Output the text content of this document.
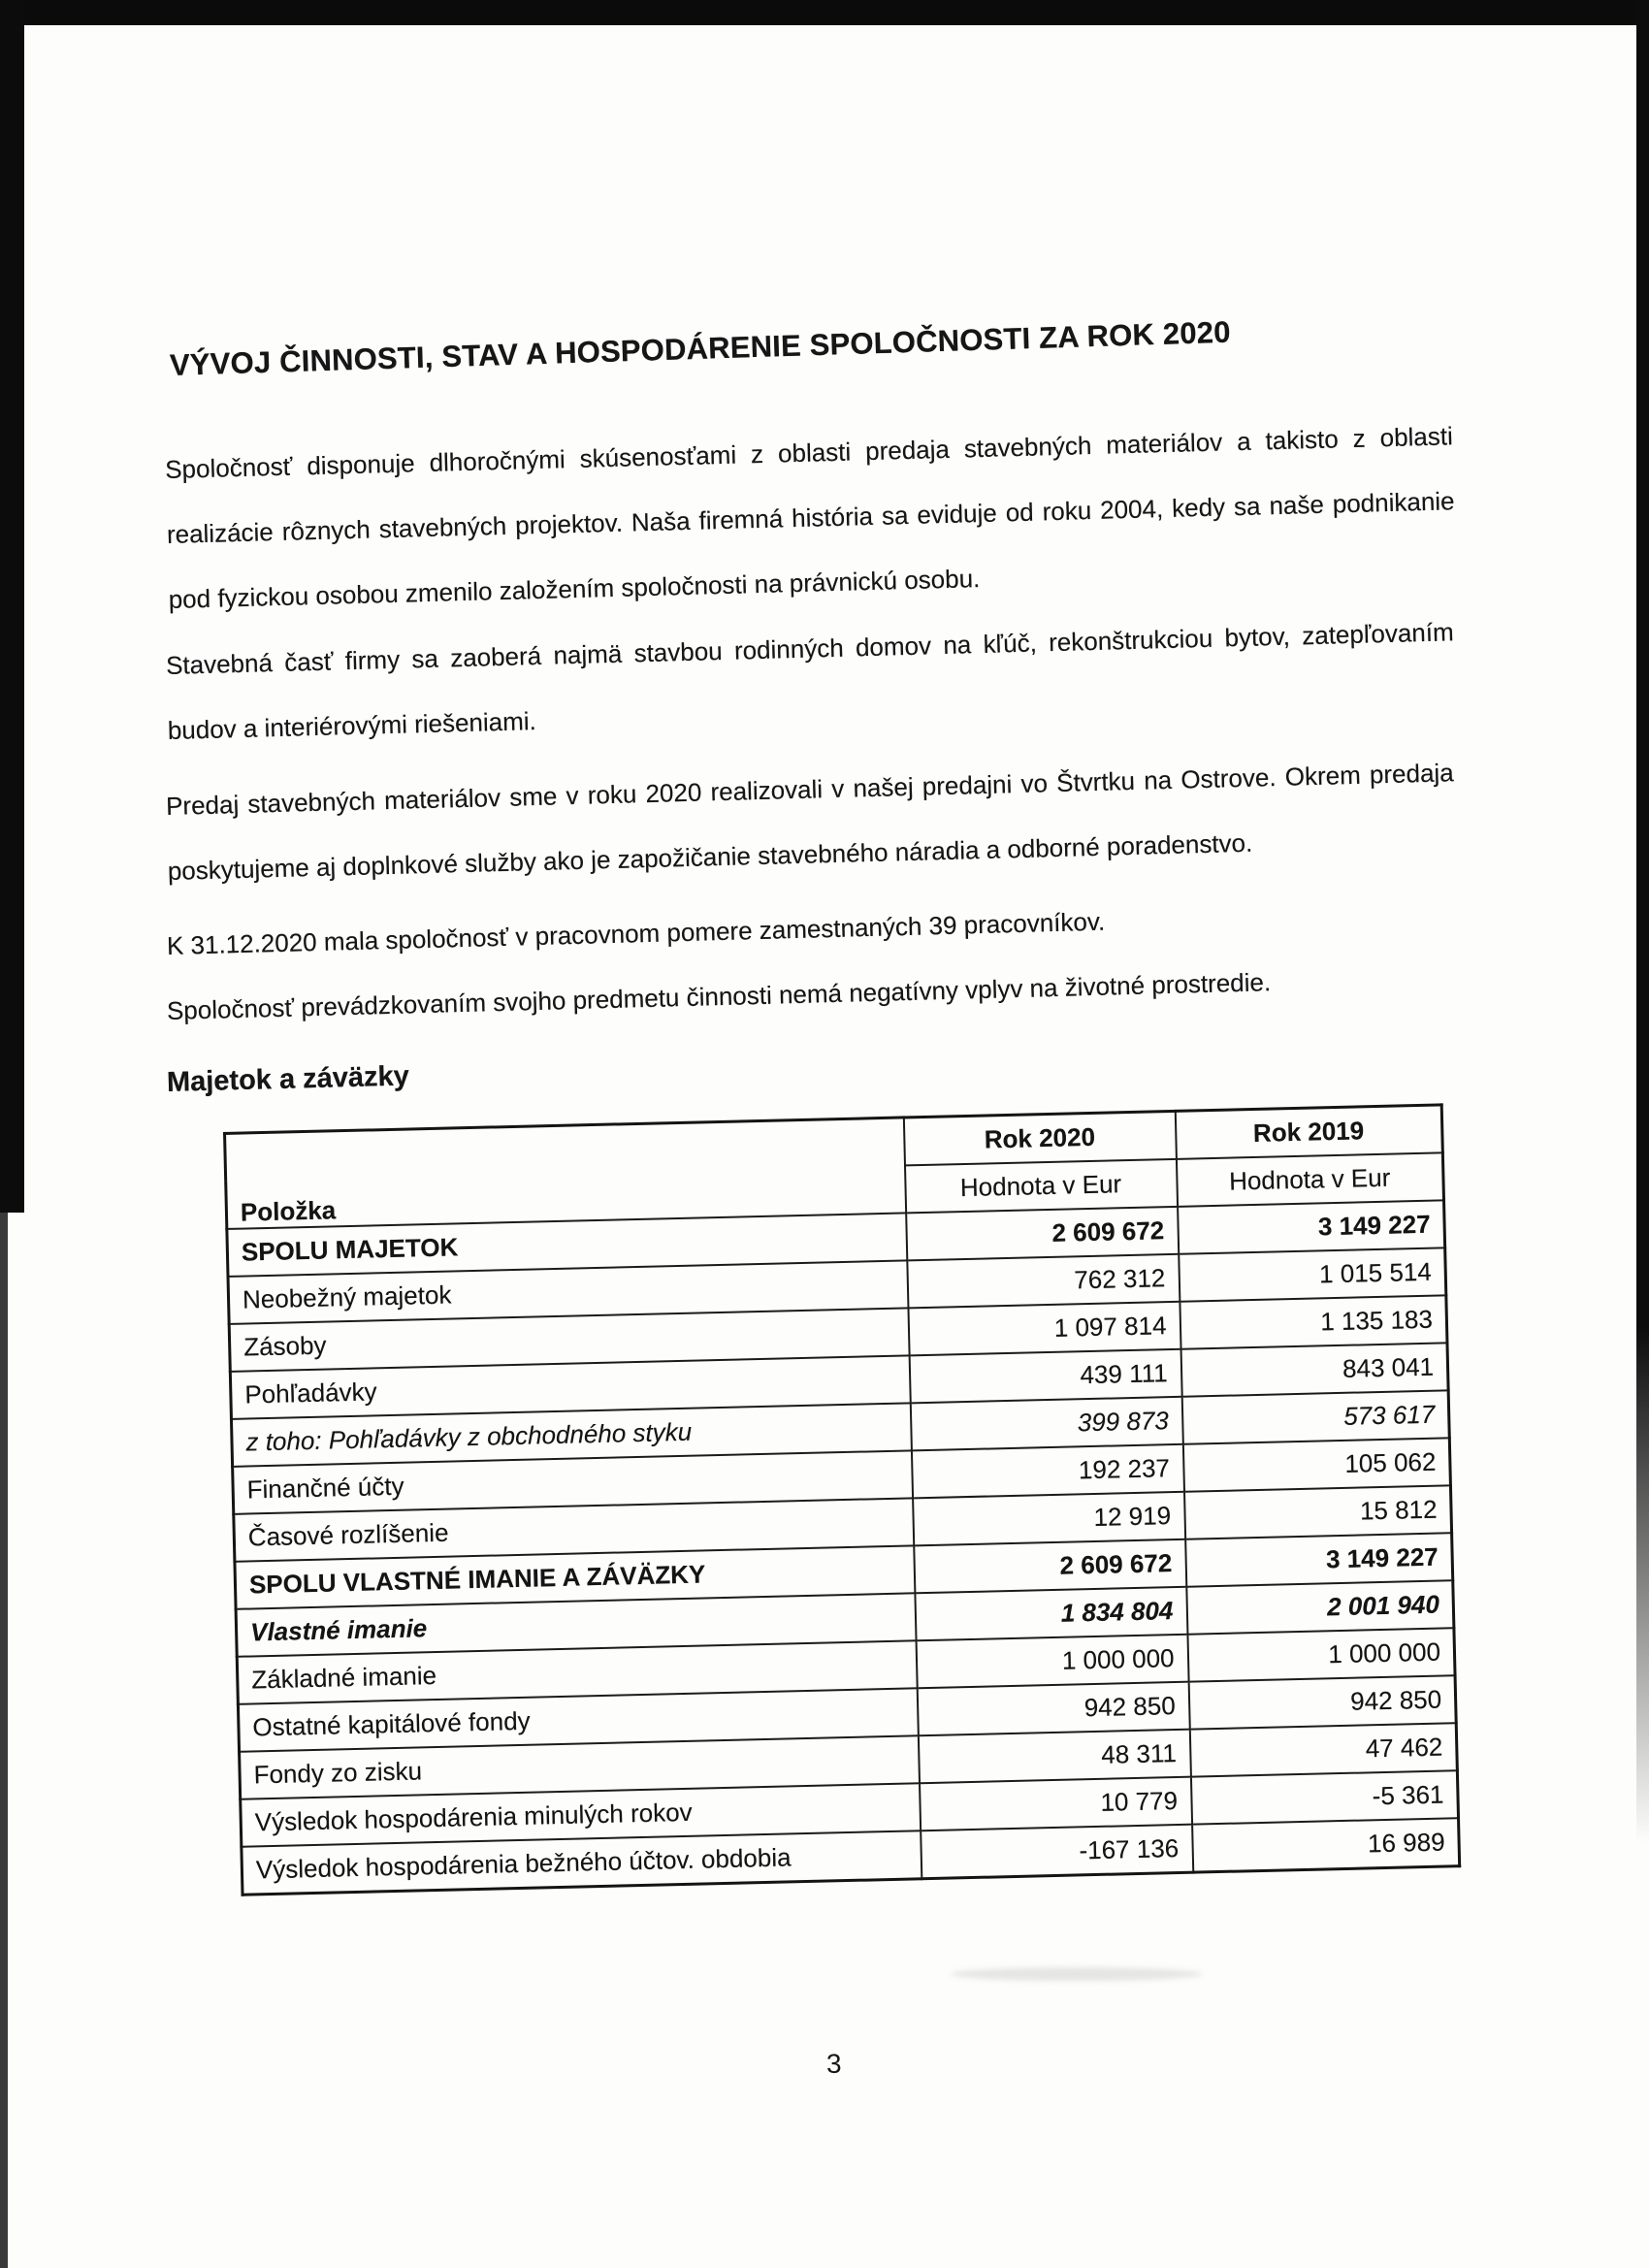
VÝVOJ ČINNOSTI, STAV A HOSPODÁRENIE SPOLOČNOSTI ZA ROK 2020

Spoločnosť disponuje dlhoročnými skúsenosťami z oblasti predaja stavebných materiálov a takisto z oblasti realizácie rôznych stavebných projektov. Naša firemná história sa eviduje od roku 2004, kedy sa naše podnikanie pod fyzickou osobou zmenilo založením spoločnosti na právnickú osobu.

Stavebná časť firmy sa zaoberá najmä stavbou rodinných domov na kľúč, rekonštrukciou bytov, zatepľovaním budov a interiérovými riešeniami.

Predaj stavebných materiálov sme v roku 2020 realizovali v našej predajni vo Štvrtku na Ostrove. Okrem predaja poskytujeme aj doplnkové služby ako je zapožičanie stavebného náradia a odborné poradenstvo.

K 31.12.2020 mala spoločnosť v pracovnom pomere zamestnaných 39 pracovníkov.

Spoločnosť prevádzkovaním svojho predmetu činnosti nemá negatívny vplyv na životné prostredie.

Majetok a záväzky
Položka	Rok 2020	Rok 2019
	Hodnota v Eur	Hodnota v Eur
SPOLU MAJETOK	2 609 672	3 149 227
Neobežný majetok	762 312	1 015 514
Zásoby	1 097 814	1 135 183
Pohľadávky	439 111	843 041
z toho: Pohľadávky z obchodného styku	399 873	573 617
Finančné účty	192 237	105 062
Časové rozlíšenie	12 919	15 812
SPOLU VLASTNÉ IMANIE A ZÁVÄZKY	2 609 672	3 149 227
Vlastné imanie	1 834 804	2 001 940
Základné imanie	1 000 000	1 000 000
Ostatné kapitálové fondy	942 850	942 850
Fondy zo zisku	48 311	47 462
Výsledok hospodárenia minulých rokov	10 779	-5 361
Výsledok hospodárenia bežného účtov. obdobia	-167 136	16 989
3
